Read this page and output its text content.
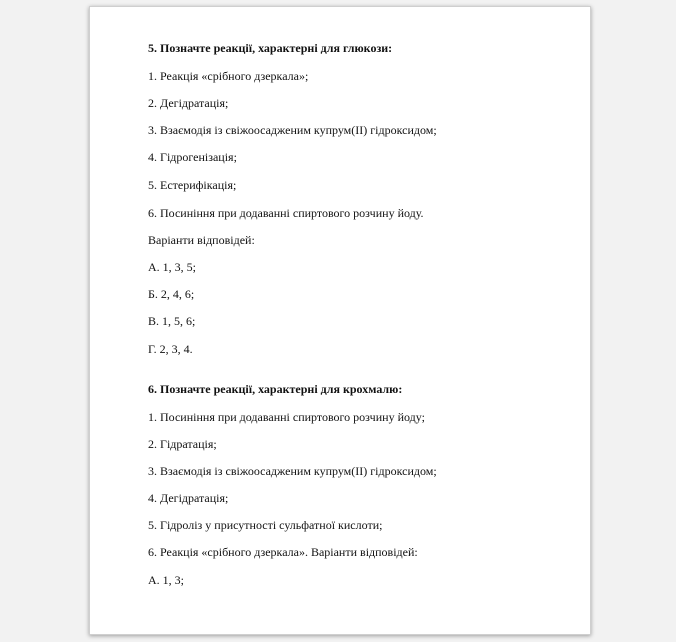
5. Позначте реакції, характерні для глюкози:
1. Реакція «срібного дзеркала»;
2. Дегідратація;
3. Взаємодія із свіжоосадженим купрум(ІІ) гідроксидом;
4. Гідрогенізація;
5. Естерифікація;
6. Посиніння при додаванні спиртового розчину йоду.
Варіанти відповідей:
А. 1, 3, 5;
Б. 2, 4, 6;
В. 1, 5, 6;
Г. 2, 3, 4.
6. Позначте реакції, характерні для крохмалю:
1. Посиніння при додаванні спиртового розчину йоду;
2. Гідратація;
3. Взаємодія із свіжоосадженим купрум(ІІ) гідроксидом;
4. Дегідратація;
5. Гідроліз у присутності сульфатної кислоти;
6. Реакція «срібного дзеркала». Варіанти відповідей:
А. 1, 3;
